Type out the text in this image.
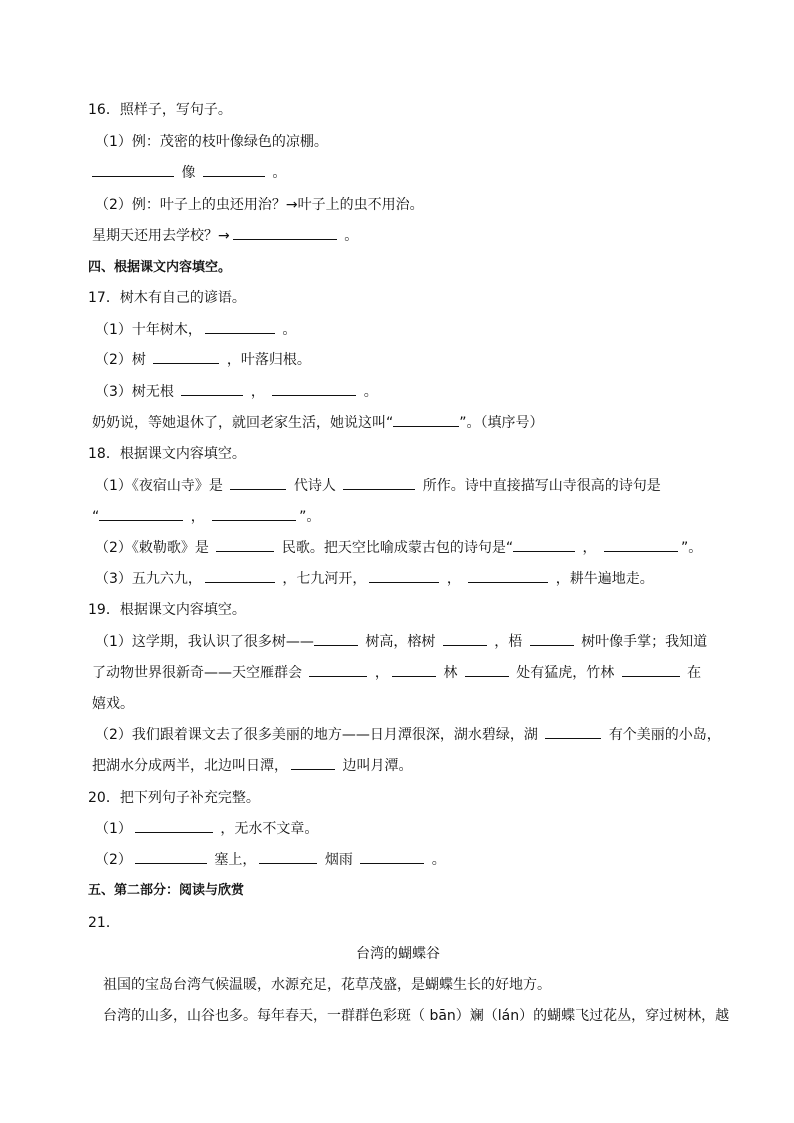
16．照样子，写句子。
（1）例：茂密的枝叶像绿色的凉棚。
像	。
（2）例：叶子上的虫还用治？→叶子上的虫不用治。
星期天还用去学校？→	。
四、根据课文内容填空。
17．树木有自己的谚语。
（1）十年树木，	。
（2）树	，叶落归根。
（3）树无根	，	。
奶奶说，等她退休了，就回老家生活，她说这叫“	”。（填序号）
18．根据课文内容填空。
（1）《夜宿山寺》是	代诗人	所作。诗中直接描写山寺很高的诗句是
“	，	”。
（2）《敕勒歌》是	民歌。把天空比喻成蒙古包的诗句是“	，	”。
（3）五九六九，	，七九河开，	，	，耕牛遍地走。
19．根据课文内容填空。
（1）这学期，我认识了很多树——	树高，榕树	，梧	树叶像手掌；我知道
了动物世界很新奇——天空雁群会	，	林	处有猛虎，竹林	在
嬉戏。
（2）我们跟着课文去了很多美丽的地方——日月潭很深，湖水碧绿，湖	有个美丽的小岛，
把湖水分成两半，北边叫日潭，	边叫月潭。
20．把下列句子补充完整。
（1）	，无水不文章。
（2）	塞上，	烟雨	。
五、第二部分：阅读与欣赏
21．
台湾的蝴蝶谷
祖国的宝岛台湾气候温暖，水源充足，花草茂盛，是蝴蝶生长的好地方。
台湾的山多，山谷也多。每年春天，一群群色彩斑（ bān）斓（lán）的蝴蝶飞过花丛，穿过树林，越
